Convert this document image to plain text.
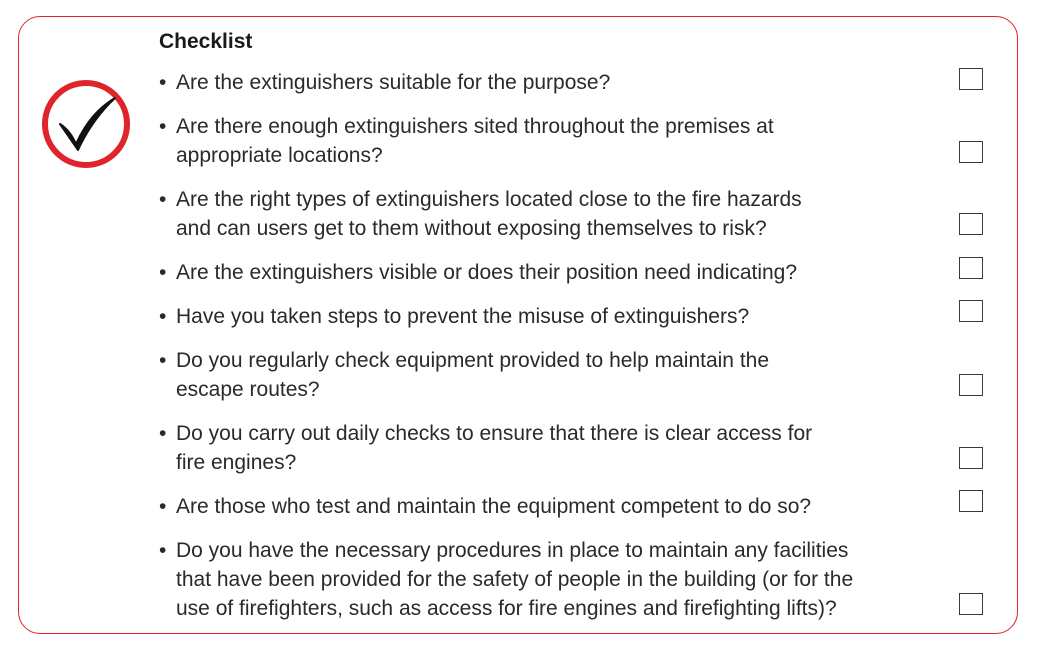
Checklist
• Are the extinguishers suitable for the purpose?
• Are there enough extinguishers sited throughout the premises at
appropriate locations?
• Are the right types of extinguishers located close to the fire hazards
and can users get to them without exposing themselves to risk?
• Are the extinguishers visible or does their position need indicating?
• Have you taken steps to prevent the misuse of extinguishers?
• Do you regularly check equipment provided to help maintain the
escape routes?
• Do you carry out daily checks to ensure that there is clear access for
fire engines?
• Are those who test and maintain the equipment competent to do so?
• Do you have the necessary procedures in place to maintain any facilities
that have been provided for the safety of people in the building (or for the
use of firefighters, such as access for fire engines and firefighting lifts)?
